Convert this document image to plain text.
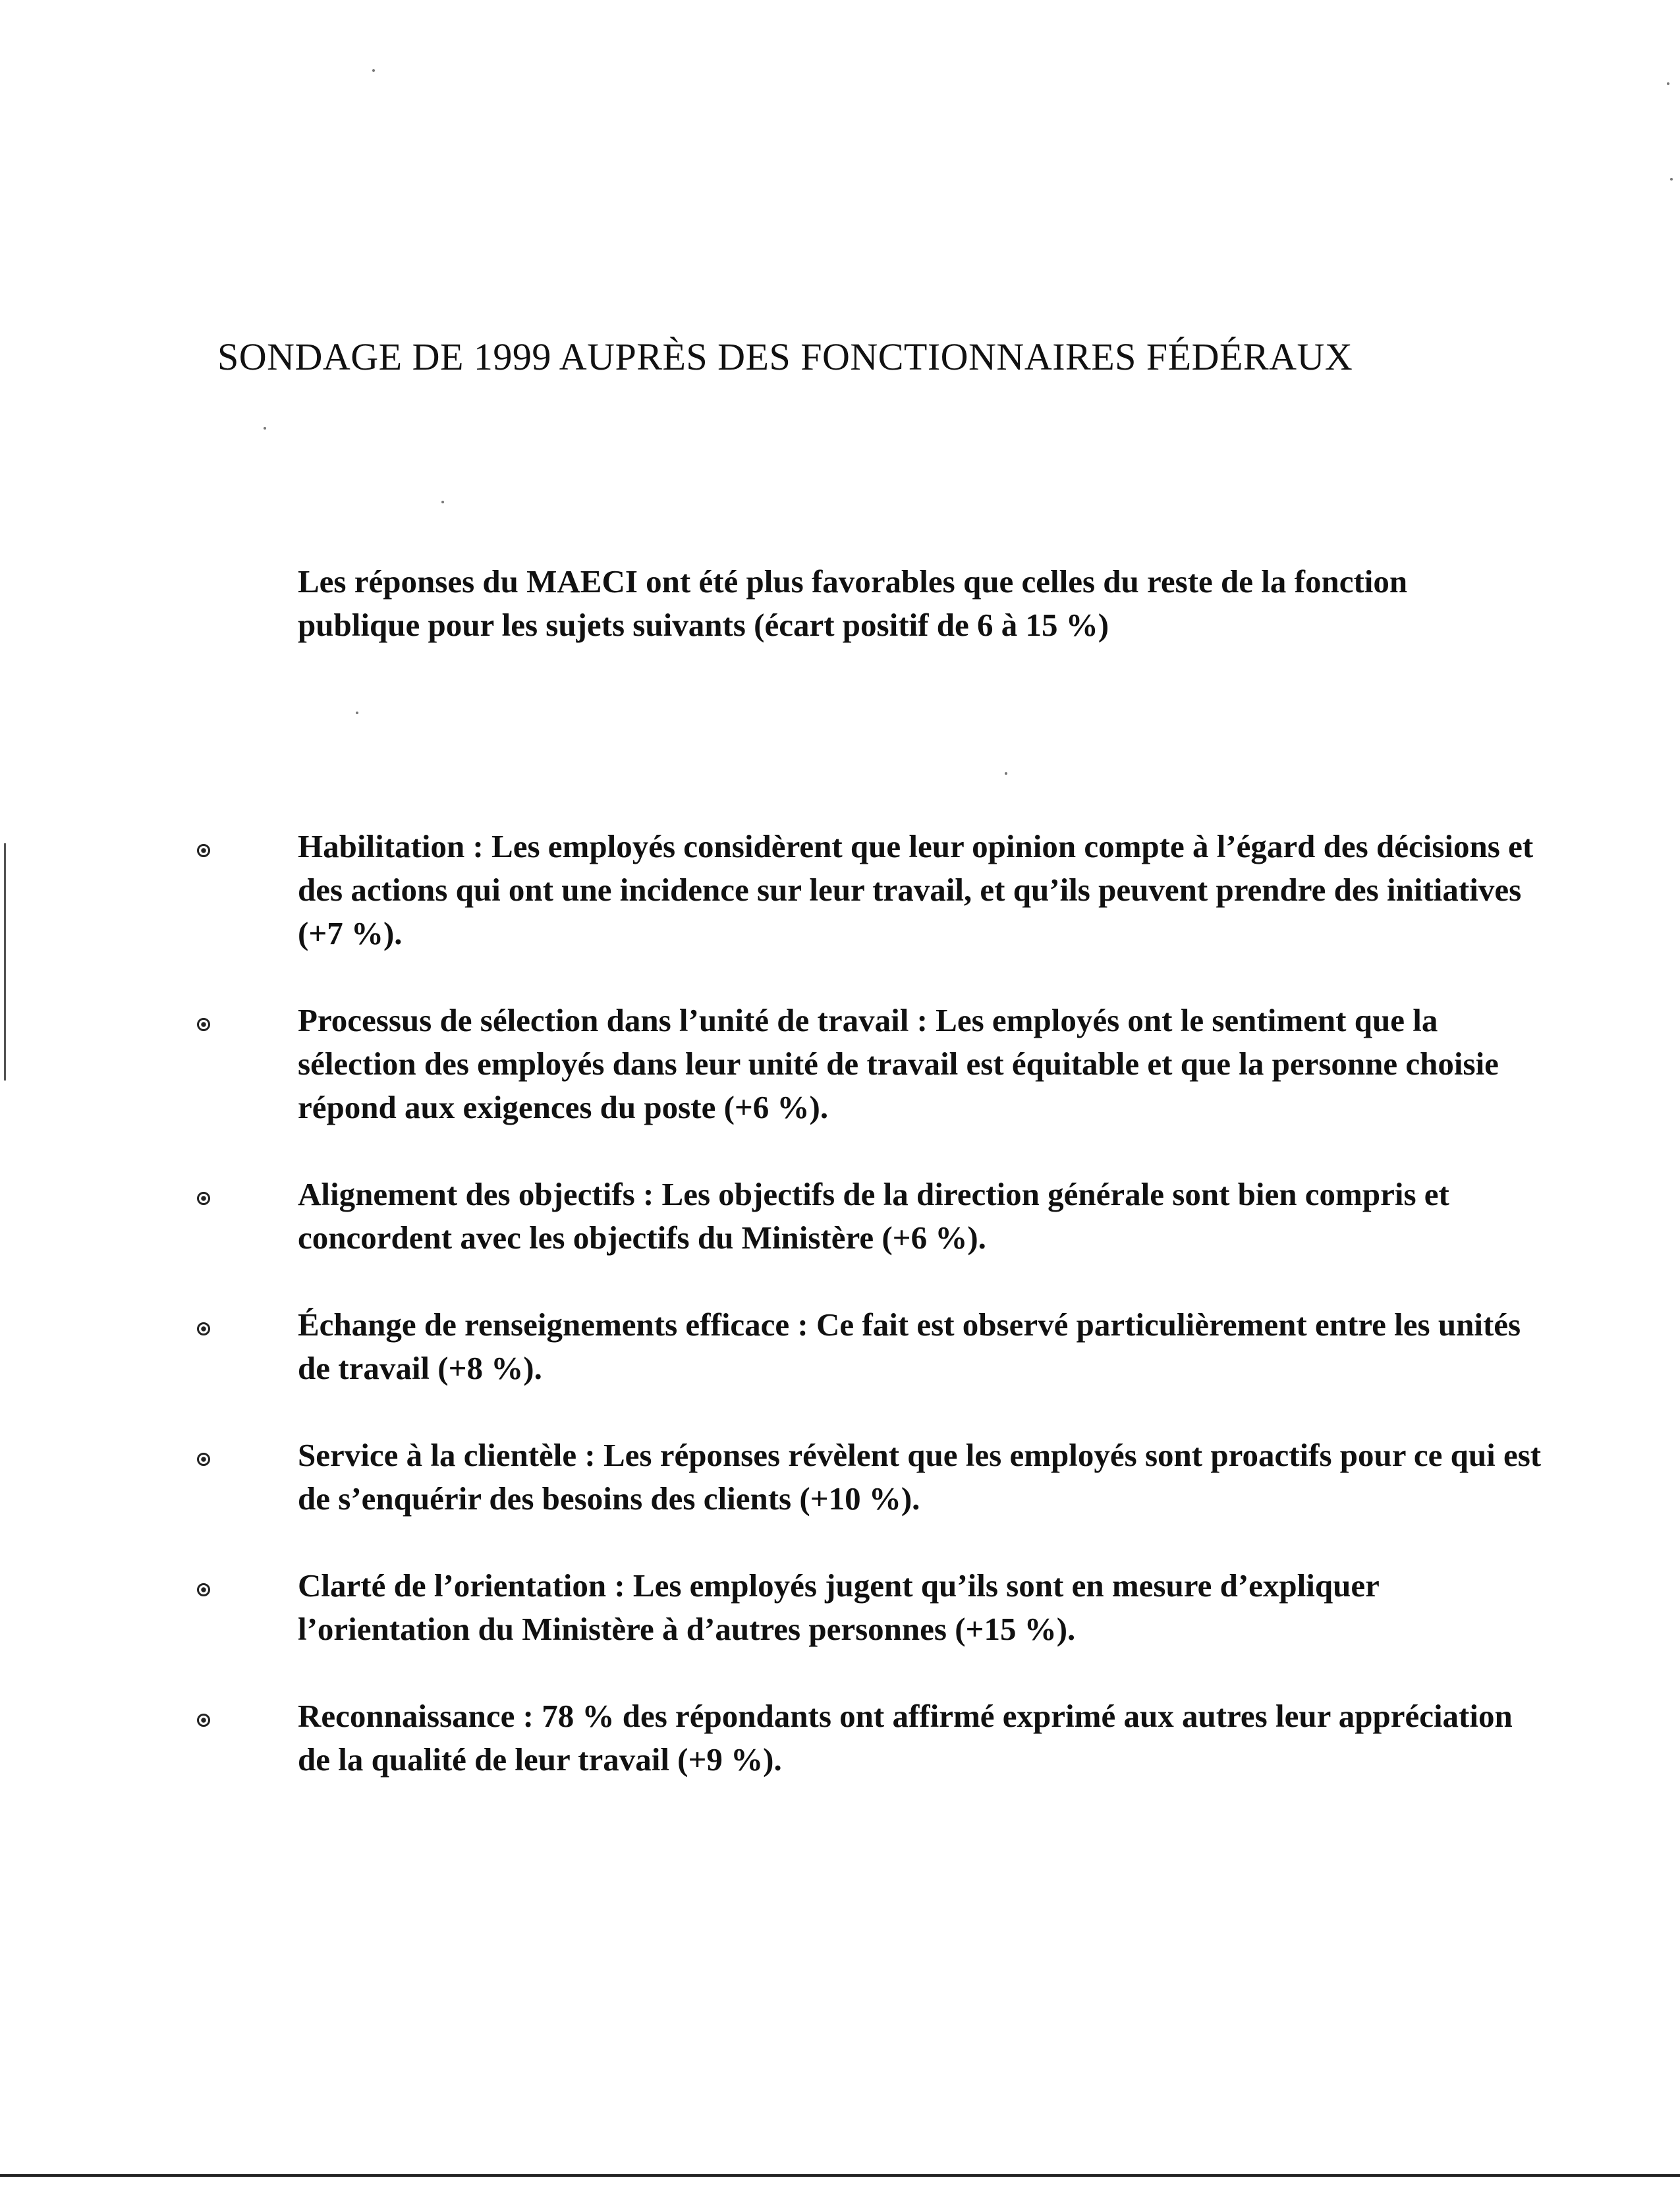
SONDAGE DE 1999 AUPRÈS DES FONCTIONNAIRES FÉDÉRAUX

Les réponses du MAECI ont été plus favorables que celles du reste de la fonction publique pour les sujets suivants (écart positif de 6 à 15 %)

Habilitation : Les employés considèrent que leur opinion compte à l’égard des décisions et des actions qui ont une incidence sur leur travail, et qu’ils peuvent prendre des initiatives (+7 %).
Processus de sélection dans l’unité de travail : Les employés ont le sentiment que la sélection des employés dans leur unité de travail est équitable et que la personne choisie répond aux exigences du poste (+6 %).
Alignement des objectifs : Les objectifs de la direction générale sont bien compris et concordent avec les objectifs du Ministère (+6 %).
Échange de renseignements efficace : Ce fait est observé particulièrement entre les unités de travail (+8 %).
Service à la clientèle : Les réponses révèlent que les employés sont proactifs pour ce qui est de s’enquérir des besoins des clients (+10 %).
Clarté de l’orientation : Les employés jugent qu’ils sont en mesure d’expliquer l’orientation du Ministère à d’autres personnes (+15 %).
Reconnaissance : 78 % des répondants ont affirmé exprimé aux autres leur appréciation de la qualité de leur travail (+9 %).
